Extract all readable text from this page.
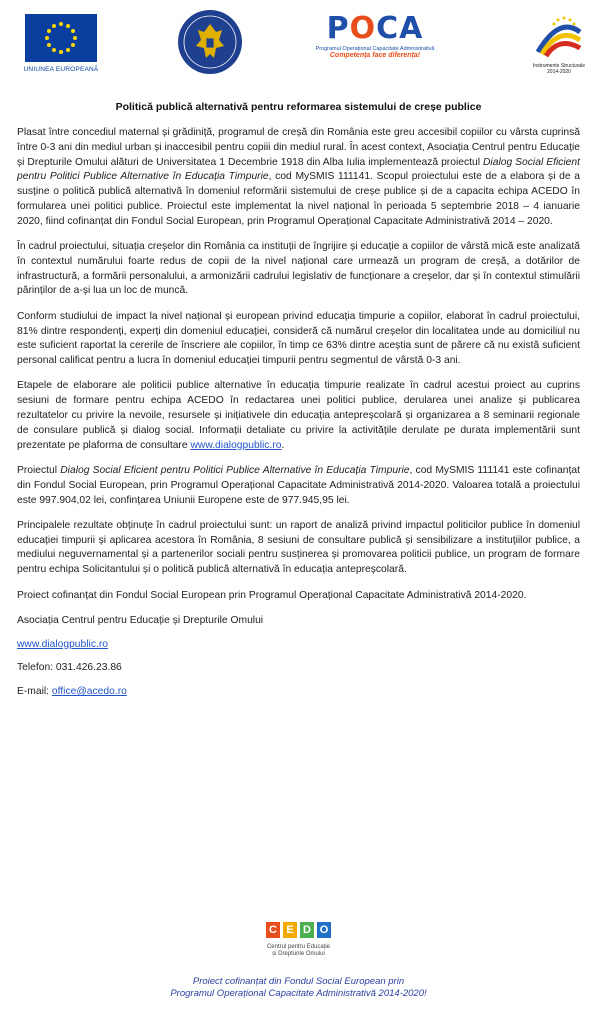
UNIUNEA EUROPEANĂ
POCA
Programul Operațional Capacitate Administrativă
Competența face diferența!
Instrumente Structurale
2014-2020
Politică publică alternativă pentru reformarea sistemului de creșe publice

Plasat între concediul maternal și grădiniță, programul de creșă din România este greu accesibil copiilor cu vârsta cuprinsă între 0-3 ani din mediul urban și inaccesibil pentru copiii din mediul rural. În acest context, Asociația Centrul pentru Educație și Drepturile Omului alături de Universitatea 1 Decembrie 1918 din Alba Iulia implementează proiectul Dialog Social Eficient pentru Politici Publice Alternative în Educația Timpurie, cod MySMIS 111141. Scopul proiectului este de a elabora și de a susține o politică publică alternativă în domeniul reformării sistemului de creșe publice și de a capacita echipa ACEDO în formularea unei politici publice. Proiectul este implementat la nivel național în perioada 5 septembrie 2018 – 4 ianuarie 2020, fiind cofinanțat din Fondul Social European, prin Programul Operațional Capacitate Administrativă 2014 – 2020.

În cadrul proiectului, situația creșelor din România ca instituții de îngrijire și educație a copiilor de vârstă mică este analizată în contextul numărului foarte redus de copii de la nivel național care urmează un program de creșă, a dotărilor de infrastructură, a formării personalului, a armonizării cadrului legislativ de funcționare a creșelor, dar și în contextul stimulării părinților de a-și lua un loc de muncă.

Conform studiului de impact la nivel național și european privind educația timpurie a copiilor, elaborat în cadrul proiectului, 81% dintre respondenți, experți din domeniul educației, consideră că numărul creșelor din localitatea unde au domiciliul nu este suficient raportat la cererile de înscriere ale copiilor, în timp ce 63% dintre aceștia sunt de părere că nu există suficient personal calificat pentru a lucra în domeniul educației timpurii pentru segmentul de vârstă 0-3 ani.

Etapele de elaborare ale politicii publice alternative în educația timpurie realizate în cadrul acestui proiect au cuprins sesiuni de formare pentru echipa ACEDO în redactarea unei politici publice, derularea unei analize și publicarea rezultatelor cu privire la nevoile, resursele și inițiativele din educația antepreșcolară și organizarea a 8 seminarii regionale de consulare publică și dialog social. Informații detaliate cu privire la activitățile derulate pe durata implementării sunt prezentate pe plaforma de consultare www.dialogpublic.ro.

Proiectul Dialog Social Eficient pentru Politici Publice Alternative în Educația Timpurie, cod MySMIS 111141 este cofinanțat din Fondul Social European, prin Programul Operațional Capacitate Administrativă 2014-2020. Valoarea totală a proiectului este 997.904,02 lei, confințarea Uniunii Europene este de 977.945,95 lei.

Principalele rezultate obținuțe în cadrul proiectului sunt: un raport de analiză privind impactul politicilor publice în domeniul educației timpurii și aplicarea acestora în România, 8 sesiuni de consultare publică și sensibilizare a instituțiilor publice, a mediului neguvernamental și a partenerilor sociali pentru susținerea și promovarea politicii publice, un program de formare pentru echipa Solicitantului și o politică publică alternativă în educația antepreșcolară.

Proiect cofinanțat din Fondul Social European prin Programul Operațional Capacitate Administrativă 2014-2020.

Asociația Centrul pentru Educație și Drepturile Omului

www.dialogpublic.ro

Telefon: 031.426.23.86

E-mail: office@acedo.ro

C E D O
Centrul pentru Educație
și Drepturile Omului
Proiect cofinanțat din Fondul Social European prin
Programul Operațional Capacitate Administrativă 2014-2020!
